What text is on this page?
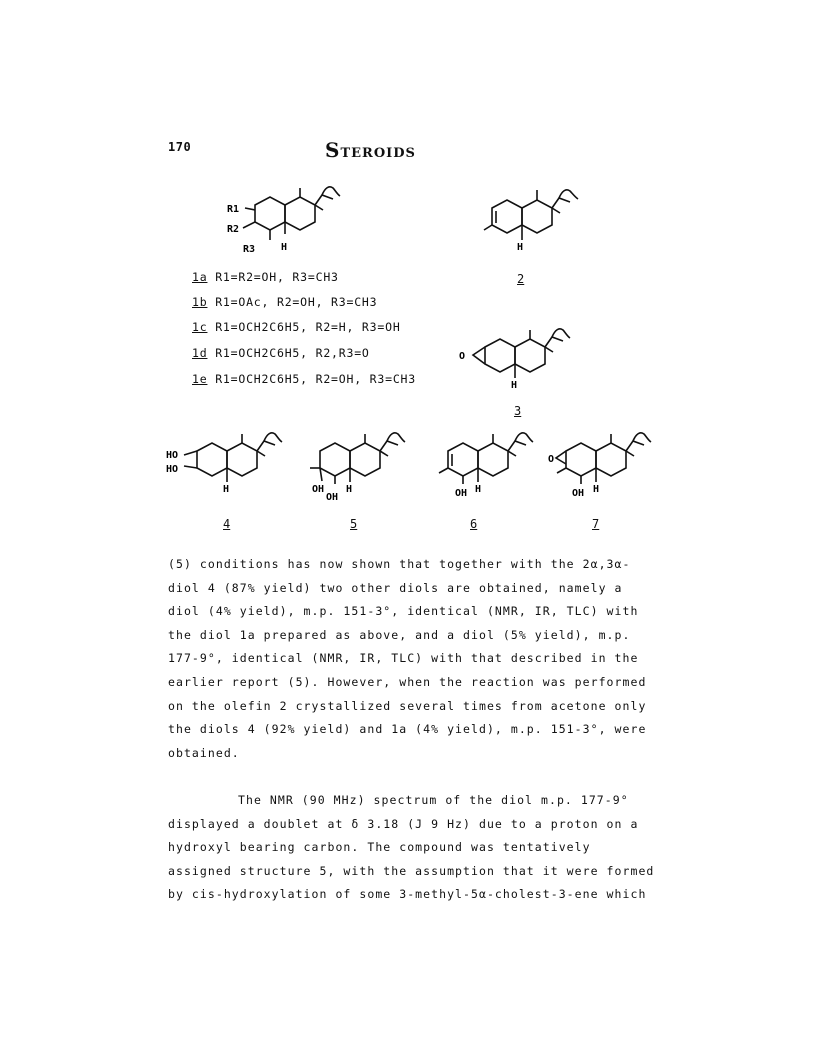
170	STEROIDS
R1
R2
R3	H	H
2
1a R1=R2=OH, R3=CH3
1b R1=OAc, R2=OH, R3=CH3
1c R1=OCH2C6H5, R2=H, R3=OH
1d R1=OCH2C6H5, R2,R3=O
1e R1=OCH2C6H5, R2=OH, R3=CH3
O
H
3
HO
HO
H
4
OH
OH
H
5
OH H
6
O
OH H
7

(5) conditions has now shown that together with the 2α,3α-

diol 4 (87% yield) two other diols are obtained, namely a

diol (4% yield), m.p. 151-3°, identical (NMR, IR, TLC) with

the diol 1a prepared as above, and a diol (5% yield), m.p.

177-9°, identical (NMR, IR, TLC) with that described in the

earlier report (5). However, when the reaction was performed

on the olefin 2 crystallized several times from acetone only

the diols 4 (92% yield) and 1a (4% yield), m.p. 151-3°, were

obtained.

The NMR (90 MHz) spectrum of the diol m.p. 177-9°

displayed a doublet at δ 3.18 (J 9 Hz) due to a proton on a

hydroxyl bearing carbon. The compound was tentatively

assigned structure 5, with the assumption that it were formed

by cis-hydroxylation of some 3-methyl-5α-cholest-3-ene which
